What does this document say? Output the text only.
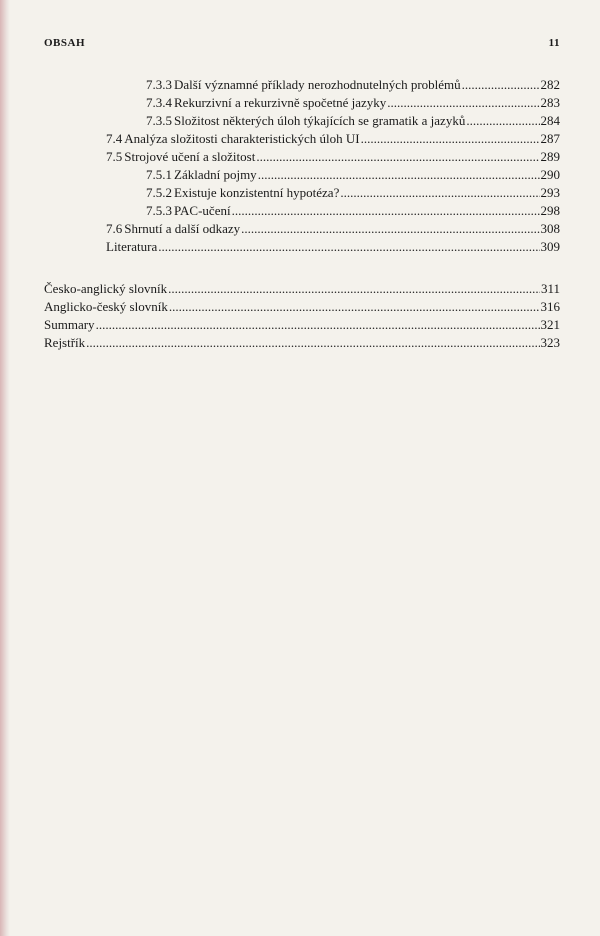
OBSAH	11
7.3.3 Další významné příklady nerozhodnutelných problémů .....	282
7.3.4 Rekurzivní a rekurzivně spočetné jazyky .....	283
7.3.5 Složitost některých úloh týkajících se gramatik a jazyků .....	284
7.4 Analýza složitosti charakteristických úloh UI .....	287
7.5 Strojové učení a složitost .....	289
7.5.1 Základní pojmy .....	290
7.5.2 Existuje konzistentní hypotéza? .....	293
7.5.3 PAC-učení .....	298
7.6 Shrnutí a další odkazy .....	308
Literatura .....	309
Česko-anglický slovník .....	311
Anglicko-český slovník .....	316
Summary .....	321
Rejstřík .....	323
